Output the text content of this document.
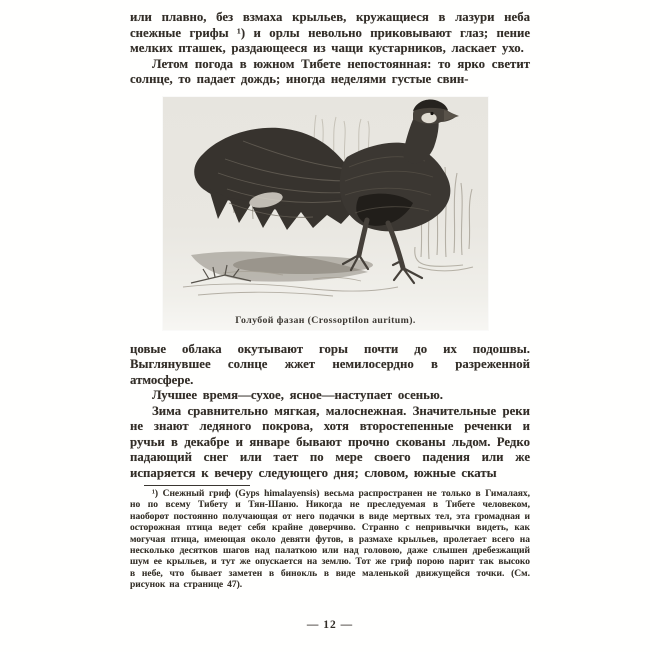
или плавно, без взмаха крыльев, кружащиеся в лазури неба снежные грифы ¹) и орлы невольно приковывают глаз; пение мелких пташек, раздающееся из чащи кустарников, ласкает ухо.

Летом погода в южном Тибете непостоянная: то ярко светит солнце, то падает дождь; иногда неделями густые свин-

Голубой фазан (Crossoptilon auritum).

цовые облака окутывают горы почти до их подошвы. Выглянувшее солнце жжет немилосердно в разреженной атмосфере.

Лучшее время—сухое, ясное—наступает осенью.

Зима сравнительно мягкая, малоснежная. Значительные реки не знают ледяного покрова, хотя второстепенные реченки и ручьи в декабре и январе бывают прочно скованы льдом. Редко падающий снег или тает по мере своего падения или же испаряется к вечеру следующего дня; словом, южные скаты

¹) Снежный гриф (Gyps himalayensis) весьма распространен не только в Гималаях, но по всему Тибету и Тян-Шаню. Никогда не преследуемая в Тибете человеком, наоборот постоянно получающая от него подачки в виде мертвых тел, эта громадная и осторожная птица ведет себя крайне доверчиво. Странно с непривычки видеть, как могучая птица, имеющая около девяти футов, в размахе крыльев, пролетает всего на несколько десятков шагов над палаткою или над головою, даже слышен дребезжащий шум ее крыльев, и тут же опускается на землю. Тот же гриф порою парит так высоко в небе, что бывает заметен в бинокль в виде маленькой движущейся точки. (См. рисунок на странице 47).

— 12 —
